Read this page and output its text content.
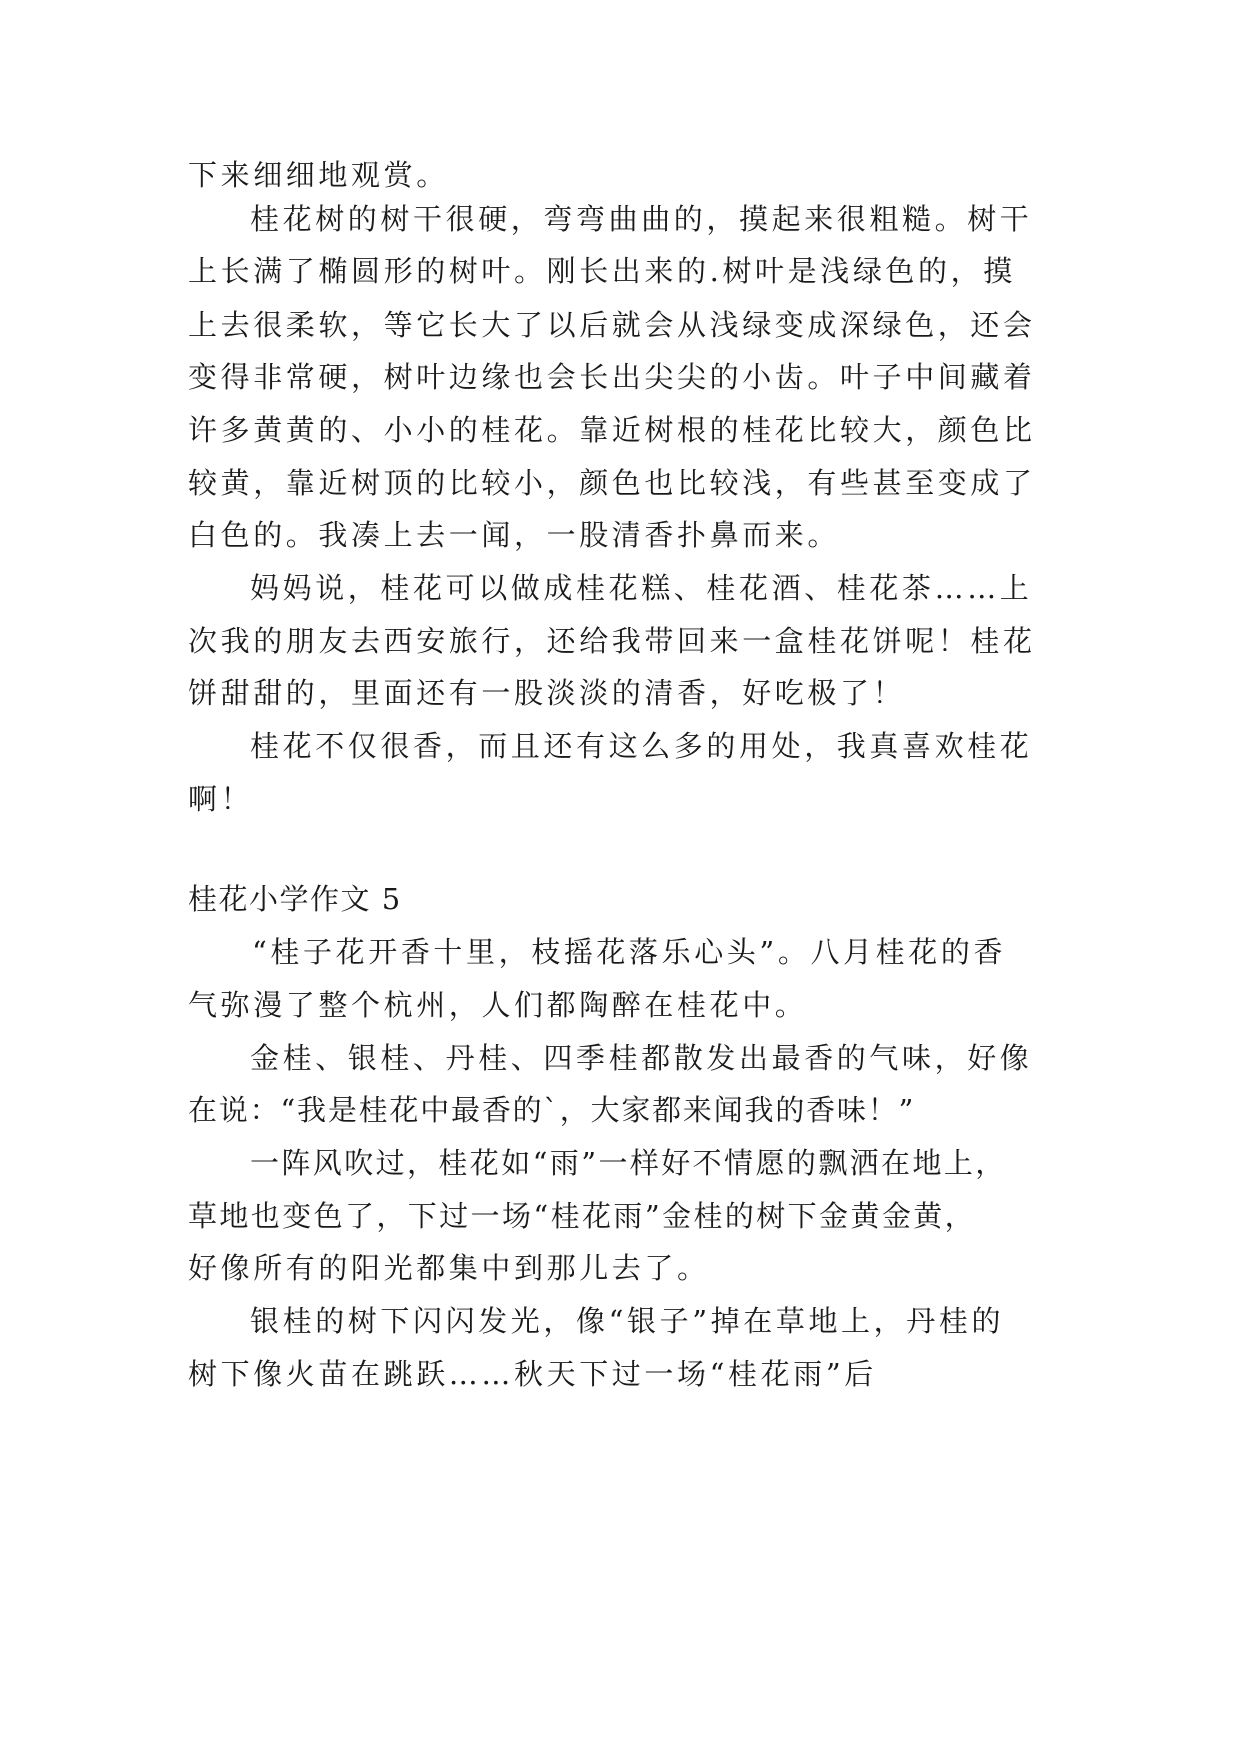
下来细细地观赏。
桂花树的树干很硬，弯弯曲曲的，摸起来很粗糙。树干
上长满了椭圆形的树叶。刚长出来的.树叶是浅绿色的，摸
上去很柔软，等它长大了以后就会从浅绿变成深绿色，还会
变得非常硬，树叶边缘也会长出尖尖的小齿。叶子中间藏着
许多黄黄的、小小的桂花。靠近树根的桂花比较大，颜色比
较黄，靠近树顶的比较小，颜色也比较浅，有些甚至变成了
白色的。我凑上去一闻，一股清香扑鼻而来。
妈妈说，桂花可以做成桂花糕、桂花酒、桂花茶……上
次我的朋友去西安旅行，还给我带回来一盒桂花饼呢！桂花
饼甜甜的，里面还有一股淡淡的清香，好吃极了！
桂花不仅很香，而且还有这么多的用处，我真喜欢桂花
啊！
桂花小学作文 5
“桂子花开香十里，枝摇花落乐心头”。八月桂花的香
气弥漫了整个杭州，人们都陶醉在桂花中。
金桂、银桂、丹桂、四季桂都散发出最香的气味，好像
在说：“我是桂花中最香的`，大家都来闻我的香味！”
一阵风吹过，桂花如“雨”一样好不情愿的飘洒在地上，
草地也变色了，下过一场“桂花雨”金桂的树下金黄金黄，
好像所有的阳光都集中到那儿去了。
银桂的树下闪闪发光，像“银子”掉在草地上，丹桂的
树下像火苗在跳跃……秋天下过一场“桂花雨”后
